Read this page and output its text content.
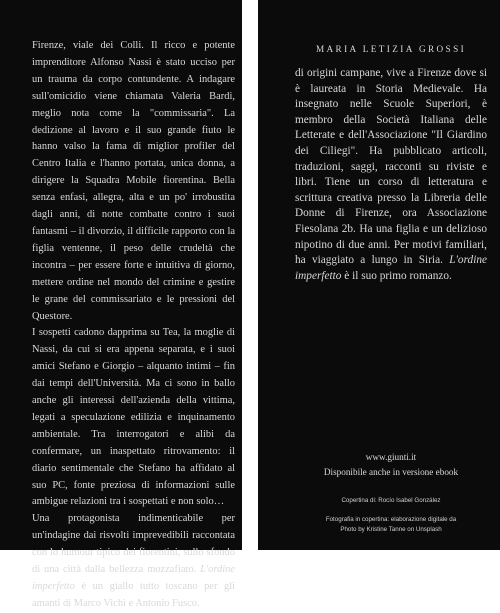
Firenze, viale dei Colli. Il ricco e potente imprenditore Alfonso Nassi è stato ucciso per un trauma da corpo contundente. A indagare sull'omicidio viene chiamata Valeria Bardi, meglio nota come la "commissaria". La dedizione al lavoro e il suo grande fiuto le hanno valso la fama di miglior profiler del Centro Italia e l'hanno portata, unica donna, a dirigere la Squadra Mobile fiorentina. Bella senza enfasi, allegra, alta e un po' irrobustita dagli anni, di notte combatte contro i suoi fantasmi – il divorzio, il difficile rapporto con la figlia ventenne, il peso delle crudeltà che incontra – per essere forte e intuitiva di giorno, mettere ordine nel mondo del crimine e gestire le grane del commissariato e le pressioni del Questore.

I sospetti cadono dapprima su Tea, la moglie di Nassi, da cui si era appena separata, e i suoi amici Stefano e Giorgio – alquanto intimi – fin dai tempi dell'Università. Ma ci sono in ballo anche gli interessi dell'azienda della vittima, legati a speculazione edilizia e inquinamento ambientale. Tra interrogatori e alibi da confermare, un inaspettato ritrovamento: il diario sentimentale che Stefano ha affidato al suo PC, fonte preziosa di informazioni sulle ambigue relazioni tra i sospettati e non solo…

Una protagonista indimenticabile per un'indagine dai risvolti imprevedibili raccontata con lo humour tipico dei fiorentini, sullo sfondo di una città dalla bellezza mozzafiato. L'ordine imperfetto è un giallo tutto toscano per gli amanti di Marco Vichi e Antonio Fusco.

MARIA LETIZIA GROSSI

di origini campane, vive a Firenze dove si è laureata in Storia Medievale. Ha insegnato nelle Scuole Superiori, è membro della Società Italiana delle Letterate e dell'Associazione "Il Giardino dei Ciliegi". Ha pubblicato articoli, traduzioni, saggi, racconti su riviste e libri. Tiene un corso di letteratura e scrittura creativa presso la Libreria delle Donne di Firenze, ora Associazione Fiesolana 2b. Ha una figlia e un delizioso nipotino di due anni. Per motivi familiari, ha viaggiato a lungo in Siria. L'ordine imperfetto è il suo primo romanzo.

www.giunti.it
Disponibile anche in versione ebook
Copertina di: Rocío Isabel González
Fotografia in copertina: elaborazione digitale da
Photo by Kristine Tanne on Unsplash
